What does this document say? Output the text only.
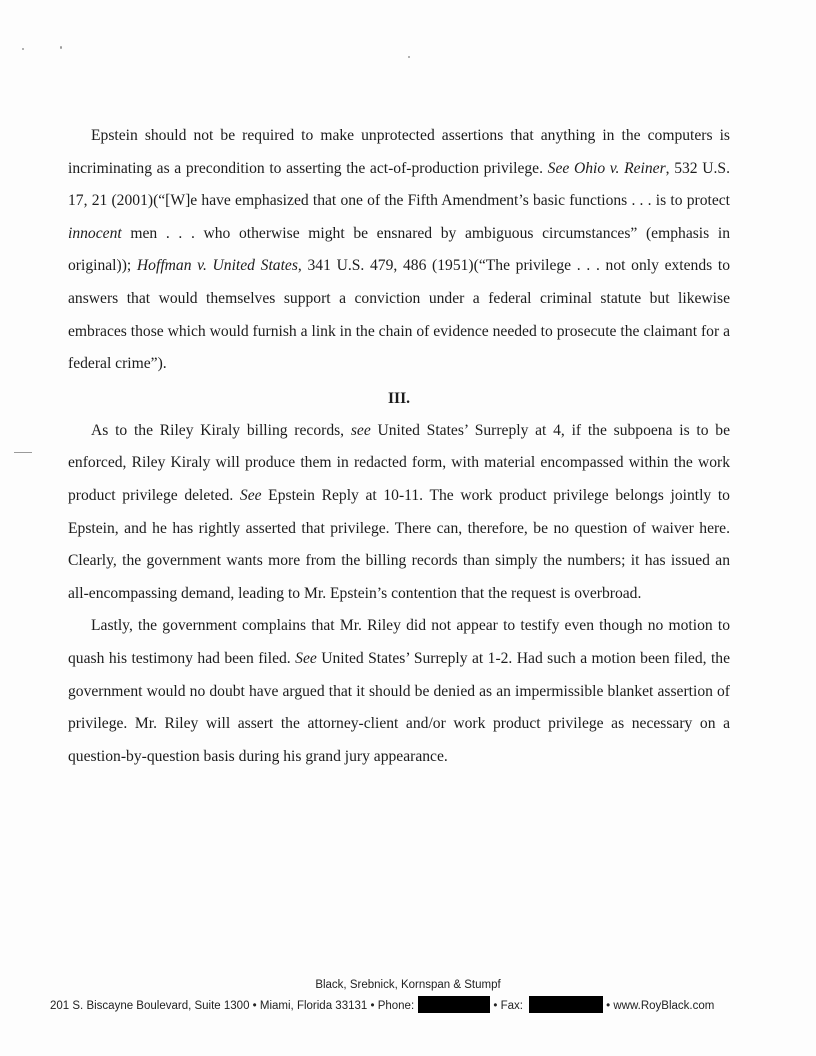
Epstein should not be required to make unprotected assertions that anything in the computers is incriminating as a precondition to asserting the act-of-production privilege. See Ohio v. Reiner, 532 U.S. 17, 21 (2001)(“[W]e have emphasized that one of the Fifth Amendment’s basic functions . . . is to protect innocent men . . . who otherwise might be ensnared by ambiguous circumstances” (emphasis in original)); Hoffman v. United States, 341 U.S. 479, 486 (1951)(“The privilege . . . not only extends to answers that would themselves support a conviction under a federal criminal statute but likewise embraces those which would furnish a link in the chain of evidence needed to prosecute the claimant for a federal crime”).

III.

As to the Riley Kiraly billing records, see United States’ Surreply at 4, if the subpoena is to be enforced, Riley Kiraly will produce them in redacted form, with material encompassed within the work product privilege deleted. See Epstein Reply at 10-11. The work product privilege belongs jointly to Epstein, and he has rightly asserted that privilege. There can, therefore, be no question of waiver here. Clearly, the government wants more from the billing records than simply the numbers; it has issued an all-encompassing demand, leading to Mr. Epstein’s contention that the request is overbroad.

Lastly, the government complains that Mr. Riley did not appear to testify even though no motion to quash his testimony had been filed. See United States’ Surreply at 1-2. Had such a motion been filed, the government would no doubt have argued that it should be denied as an impermissible blanket assertion of privilege. Mr. Riley will assert the attorney-client and/or work product privilege as necessary on a question-by-question basis during his grand jury appearance.

Black, Srebnick, Kornspan & Stumpf
201 S. Biscayne Boulevard, Suite 1300 • Miami, Florida 33131 • Phone:	• Fax:	• www.RoyBlack.com
